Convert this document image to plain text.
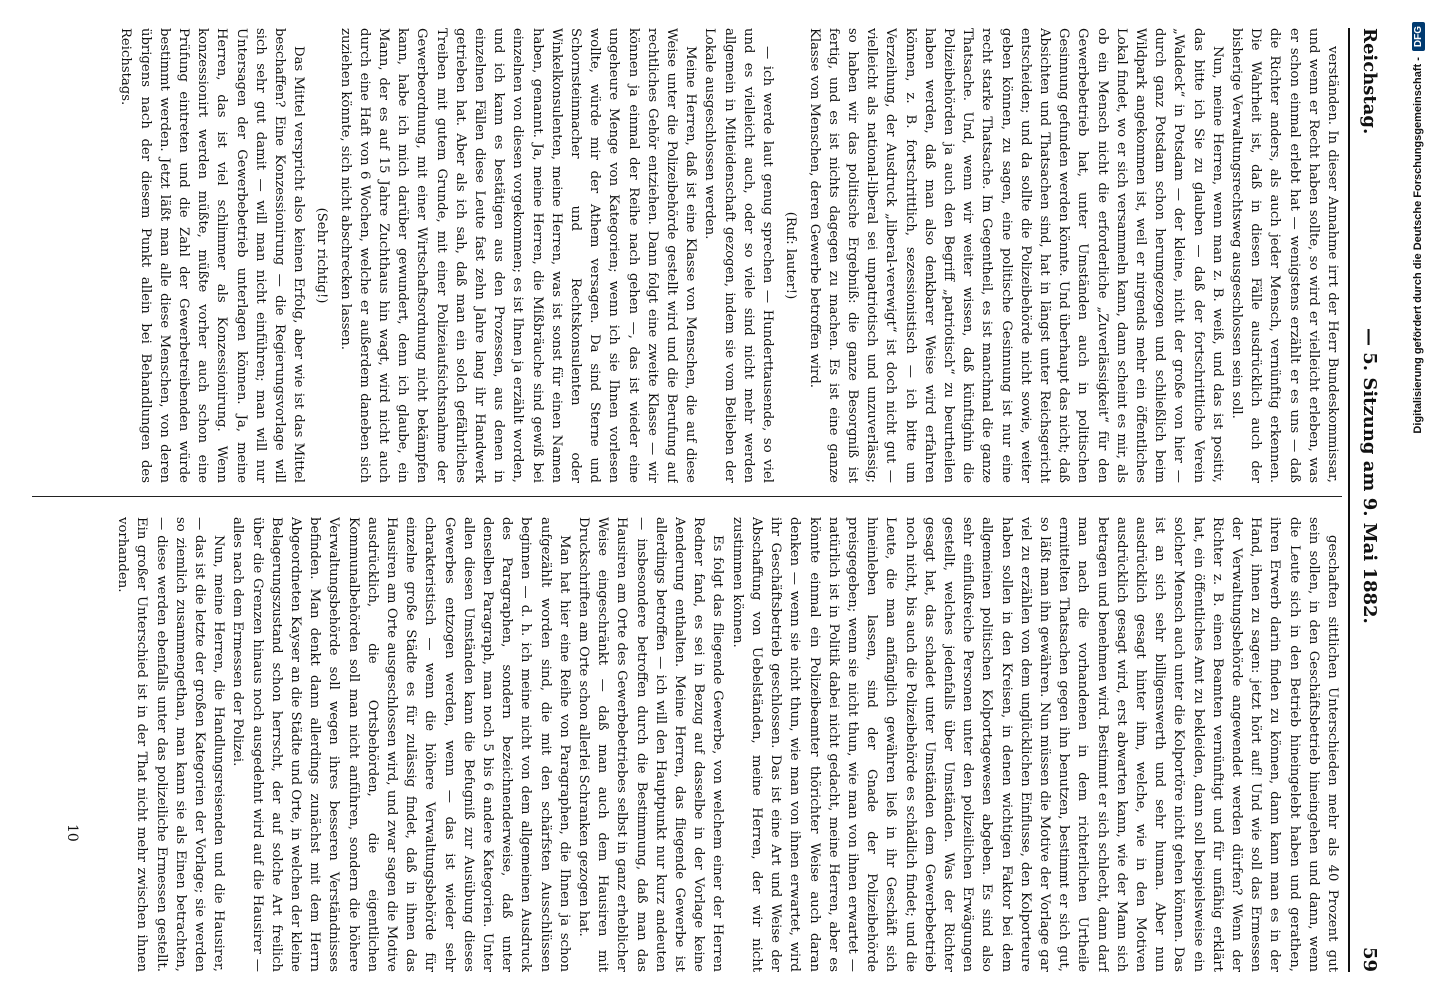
Reichstag.
— 5. Sitzung am 9. Mai 1882.
59

verständen. In dieser Annahme irrt der Herr Bundeskommissar, und wenn er Recht haben sollte, so wird er vielleicht erleben, was er schon einmal erlebt hat — wenigstens erzählt er es uns — daß die Richter anders, als auch jeder Mensch, vernünftig erkennen. Die Wahrheit ist, daß in diesen Fälle ausdrücklich auch der bisherige Verwaltungsrechtsweg ausgeschlossen sein soll.

Nun, meine Herren, wenn man z. B. weiß, und das ist positiv, das bitte ich Sie zu glauben — daß der fortschrittliche Verein „Waldeck“ in Potsdam — der kleine, nicht der große von hier — durch ganz Potsdam schon herumgezogen und schließlich beim Wildpark angekommen ist, weil er nirgends mehr ein öffentliches Lokal findet, wo er sich versammeln kann, dann scheint es mir, als ob ein Mensch nicht die erforderliche „Zuverlässigkeit“ für den Gewerbebetrieb hat, unter Umständen auch in politischen Gesinnung gefunden werden könnte. Und überhaupt das nicht; daß Absichten und Thatsachen sind, hat in längst unter Reichsgericht entscheiden; und da sollte die Polizeibehörde nicht sowie, weiter geben können, zu sagen, eine politische Gesinnung ist nur eine recht starke Thatsache. Im Gegentheil, es ist manchmal die ganze Thatsache. Und, wenn wir weiter wissen, daß künftighin die Polizeibehörden ja auch den Begriff „patriotisch“ zu beurtheilen haben werden, daß man also denkbarer Weise wird erfahren können, z. B. fortschrittlich, sezessionistisch — ich bitte um Verzeihung, der Ausdruck „liberal-verewigt“ ist doch nicht gut — vielleicht als national-liberal sei unpatriotisch und unzuverlässig; so haben wir das politische Ergebniß: die ganze Besorgniß ist fertig, und es ist nichts dagegen zu machen. Es ist eine ganze Klasse von Menschen, deren Gewerbe betroffen wird.

(Ruf: lauter!)

— ich werde laut genug sprechen — Hunderttausende, so viel und es vielleicht auch, oder so viele sind nicht mehr werden allgemein in Mitleidenschaft gezogen, indem sie vom Belieben der Lokale ausgeschlossen werden.

Meine Herren, daß ist eine Klasse von Menschen, die auf diese Weise unter die Polizeibehörde gestellt wird und die Berufung auf rechtliches Gehör entziehen. Dann folgt eine zweite Klasse — wir können ja einmal der Reihe nach gehen —, das ist wieder eine ungeheure Menge von Kategorien; wenn ich sie Ihnen vorlesen wollte, würde mir der Athem versagen. Da sind Sterne und Schornsteinmacher und Rechtskonsulenten oder Winkelkonsulenten, meine Herren, was ist sonst für einen Namen haben, genannt. Ja, meine Herren, die Mißbräuche sind gewiß bei einzelnen von diesen vorgekommen; es ist Ihnen ja erzählt worden, und ich kann es bestätigen aus den Prozessen, aus denen in einzelnen Fällen diese Leute fast zehn Jahre lang ihr Handwerk getrieben hat. Aber als ich sah, daß man ein solch gefährliches Treiben mit gutem Grunde, mit einer Polizeiaufsichtsnahme der Gewerbeordnung, mit einer Wirtschaftsordnung nicht bekämpfen kann, habe ich mich darüber gewundert, denn ich glaube, ein Mann, der es auf 15 Jahre Zuchthaus hin wagt, wird nicht auch durch eine Haft von 6 Wochen, welche er außerdem daneben sich zuziehen könnte, sich nicht abschrecken lassen.

(Sehr richtig!)

Das Mittel verspricht also keinen Erfolg, aber wie ist das Mittel beschaffen? Eine Konzessionirung — die Regierungsvorlage will sich sehr gut damit — will man nicht einführen; man will nur Untersagen der Gewerbebetrieb unterlagen können. Ja, meine Herren, das ist viel schlimmer als Konzessionirung. Wenn konzessionirt werden müßte, müßte vorher auch schon eine Prüfung eintreten und die Zahl der Gewerbetreibenden würde bestimmt werden. Jetzt läßt man alle diese Menschen, von deren übrigens nach der diesem Punkt allein bei Behandlungen des Reichstags.

geschaften sittlichen Unterschieden mehr als 40 Prozent gut sein sollen, in den Geschäftsbetrieb hineingehen und dann, wenn die Leute sich in den Betrieb hineingelebt haben und gerathen, ihren Erwerb darin finden zu können, dann kann man es in der Hand, ihnen zu sagen: jetzt hört auf! Und wie soll das Ermessen der Verwaltungsbehörde angewendet werden dürfen? Wenn der Richter z. B. einen Beamten vernünftigt und für unfähig erklärt hat, ein öffentliches Amt zu bekleiden, dann soll beispielsweise ein solcher Mensch auch unter die Kolportöre nicht gehen können. Das ist an sich sehr billigenswerth und sehr human. Aber nun ausdrücklich gesagt hinter ihm, welche, wie in den Motiven ausdrücklich gesagt wird, erst abwarten kann, wie der Mann sich betragen und benehmen wird. Bestimmt er sich schlecht, dann darf man nach die vorhandenen in dem richterlichen Urtheile ermittelten Thatsachen gegen ihn benutzen, bestimmt er sich gut, so läßt man ihn gewähren. Nun müssen die Motive der Vorlage gar viel zu erzählen von dem unglücklichen Einflusse, den Kolporteure haben sollen in den Kreisen, in denen wichtigen Faktor bei dem allgemeinen politischen Kolportagewesen abgeben. Es sind also sehr einflußreiche Personen unter den polizeilichen Erwägungen gestellt, welches jedenfalls über Umständen. Was der Richter gesagt hat, das schadet unter Umständen dem Gewerbebetrieb noch nicht, bis auch die Polizeibehörde es schädlich findet; und die Leute, die man anfänglich gewähren ließ in ihr Geschäft sich hineinleben lassen, sind der Gnade der Polizeibehörde preisgegeben; wenn sie nicht thun, wie man von ihnen erwartet — natürlich ist in Politik dabei nicht gedacht, meine Herren, aber es könnte einmal ein Polizeibeamter thörichter Weise auch daran denken — wenn sie nicht thun, wie man von ihnen erwartet, wird ihr Geschäftsbetrieb geschlossen. Das ist eine Art und Weise der Abschaffung von Uebelständen, meine Herren, der wir nicht zustimmen können.

Es folgt das fliegende Gewerbe, von welchem einer der Herren Redner fand, es sei in Bezug auf dasselbe in der Vorlage keine Aenderung enthalten. Meine Herren, das fliegende Gewerbe ist allerdings betroffen — ich will den Hauptpunkt nur kurz andeuten — insbesondere betroffen durch die Bestimmung, daß man das Hausiren am Orte des Gewerbebetriebes selbst in ganz erheblicher Weise eingeschränkt — daß man auch dem Hausiren mit Druckschriften am Orte schon allerlei Schranken gezogen hat.

Man hat hier eine Reihe von Paragraphen, die Ihnen ja schon aufgezählt worden sind, die mit den schärfsten Ausschlüssen beginnen — d. h. ich meine nicht von dem allgemeinen Ausdruck des Paragraphen, sondern bezeichnenderweise, daß unter denselben Paragraph, man noch 5 bis 6 andere Kategorien. Unter allen diesen Umständen kann die Befugniß zur Ausübung dieses Gewerbes entzogen werden, wenn — das ist wieder sehr charakteristisch — wenn die höhere Verwaltungsbehörde für einzelne große Städte es für zulässig findet, daß in ihnen das Hausiren am Orte ausgeschlossen wird, und zwar sagen die Motive ausdrücklich, die Ortsbehörden, die eigentlichen Kommunalbehörden soll man nicht anführen, sondern die höhere Verwaltungsbehörde soll wegen ihres besseren Verständnisses befinden. Man denkt dann allerdings zunächst mit dem Herrn Abgeordneten Kayser an die Städte und Orte, in welchen der kleine Belagerungszustand schon herrscht, der auf solche Art freilich über die Grenzen hinaus noch ausgedehnt wird auf die Hausirer — alles nach dem Ermessen der Polizei.

Nun, meine Herren, die Handlungsreisenden und die Hausirer, — das ist die letzte der großen Kategorien der Vorlage; sie werden so ziemlich zusammengethan, man kann sie als Einen betrachten, — diese werden ebenfalls unter das polizeiliche Ermessen gestellt. Ein großer Unterschied ist in der That nicht mehr zwischen ihnen vorhanden.

10
Digitalisierung gefördert durch die Deutsche Forschungsgemeinschaft -
DFG
